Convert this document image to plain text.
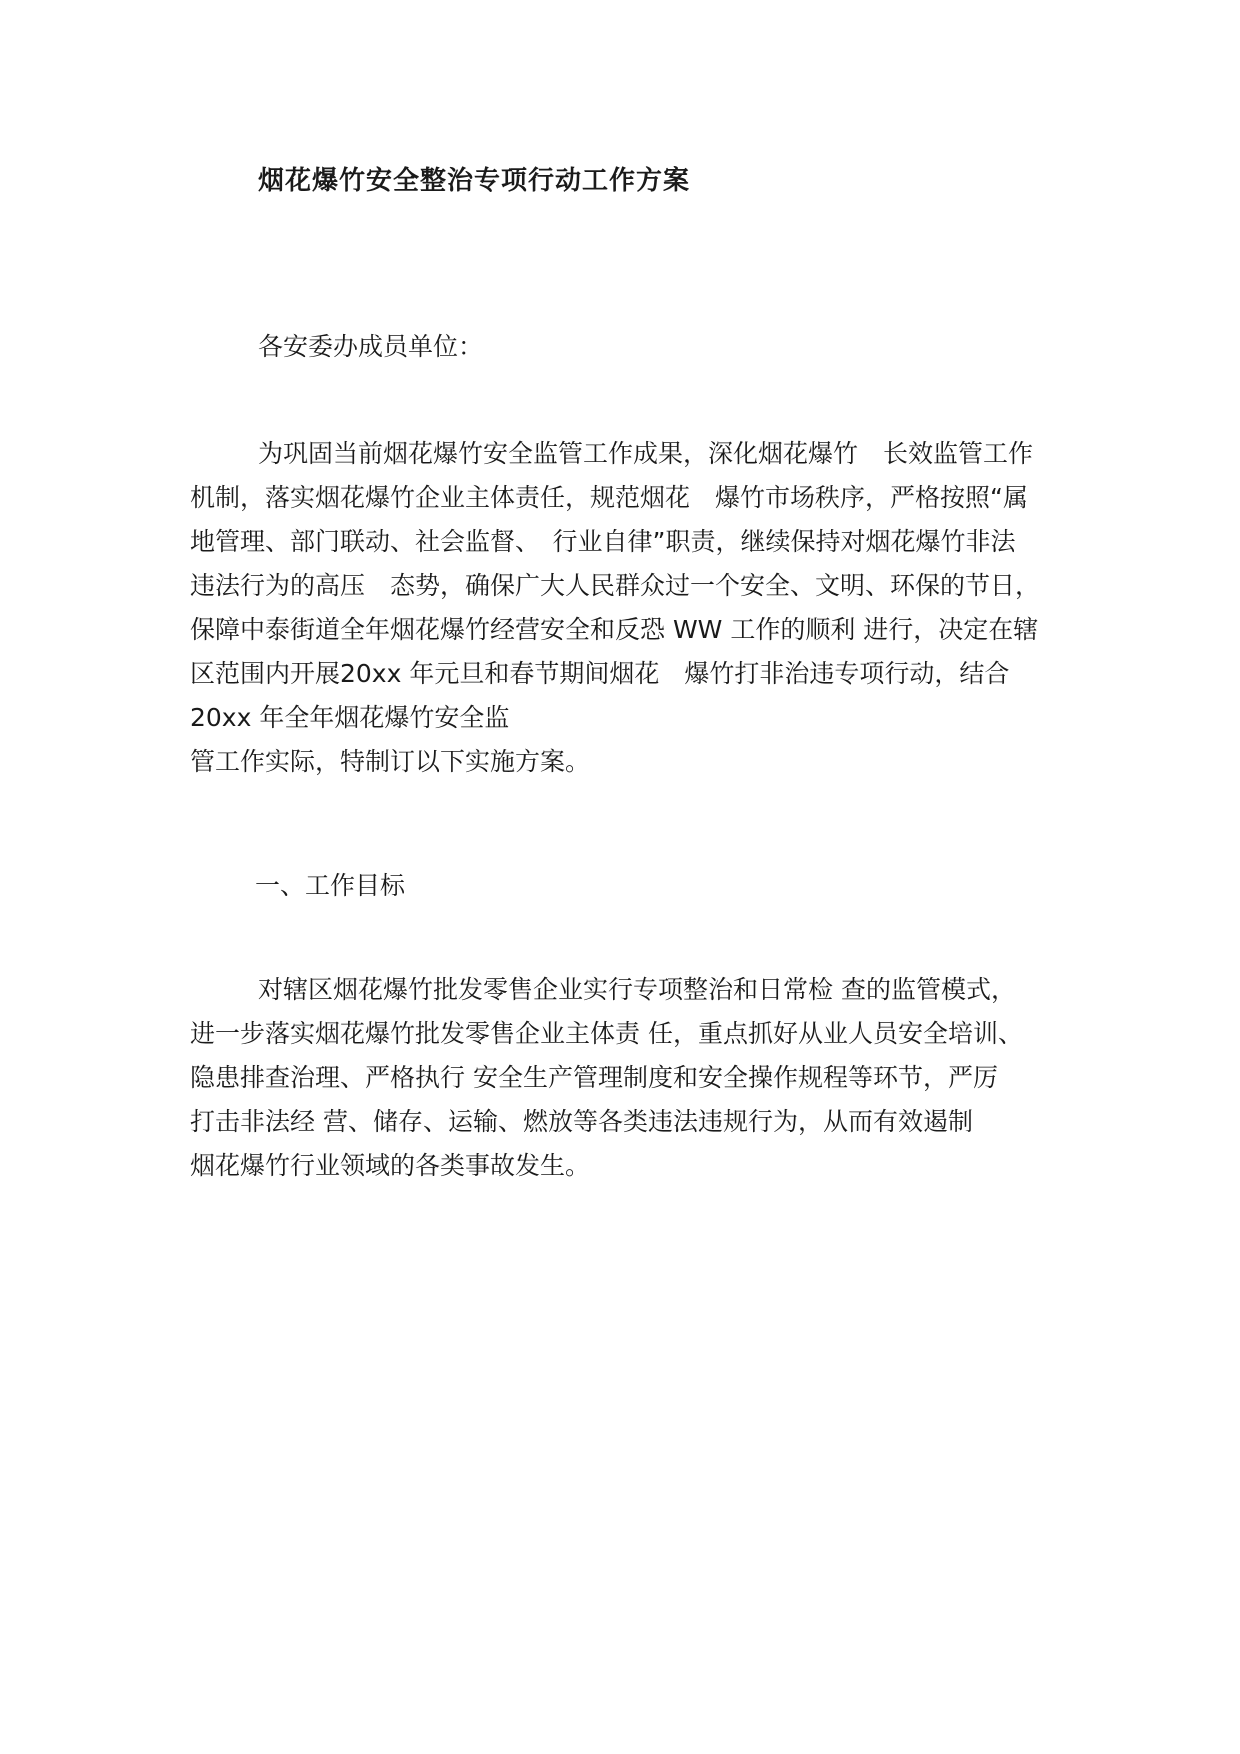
烟花爆竹安全整治专项行动工作方案
各安委办成员单位：
为巩固当前烟花爆竹安全监管工作成果，深化烟花爆竹　长效监管工作
机制，落实烟花爆竹企业主体责任，规范烟花　爆竹市场秩序，严格按照“属
地管理、部门联动、社会监督、　行业自律”职责，继续保持对烟花爆竹非法
违法行为的高压　态势，确保广大人民群众过一个安全、文明、环保的节日，
保障中泰街道全年烟花爆竹经营安全和反恐 WW 工作的顺利 进行，决定在辖
区范围内开展20xx 年元旦和春节期间烟花　爆竹打非治违专项行动，结合
20xx 年全年烟花爆竹安全监
管工作实际，特制订以下实施方案。
一、工作目标
对辖区烟花爆竹批发零售企业实行专项整治和日常检 查的监管模式，
进一步落实烟花爆竹批发零售企业主体责 任，重点抓好从业人员安全培训、
隐患排查治理、严格执行 安全生产管理制度和安全操作规程等环节，严厉
打击非法经 营、储存、运输、燃放等各类违法违规行为，从而有效遏制
烟花爆竹行业领域的各类事故发生。
